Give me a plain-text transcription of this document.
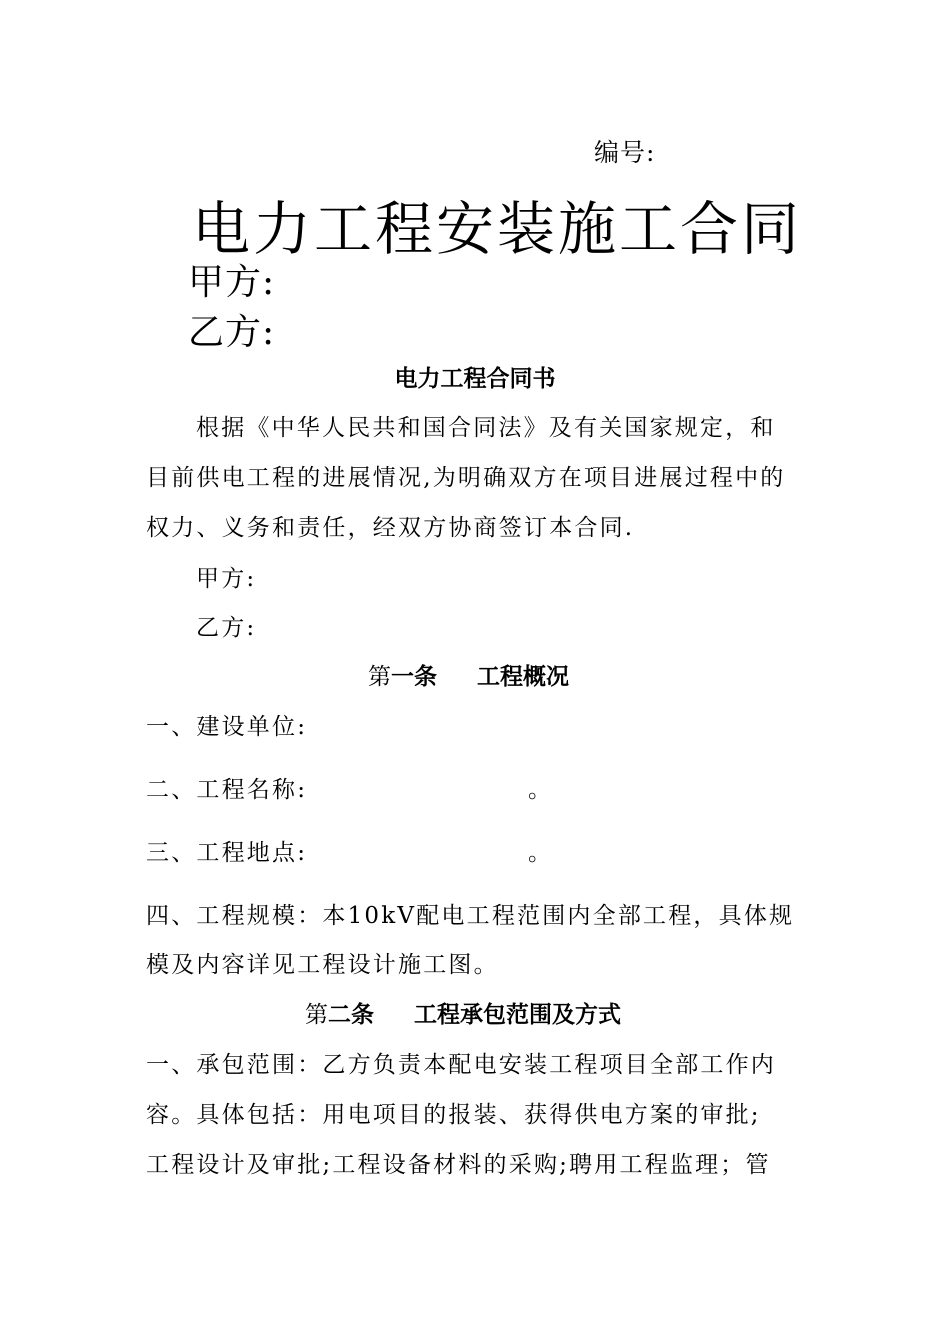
编号:
电力工程安装施工合同
甲方:
乙方:
电力工程合同书
根据《中华人民共和国合同法》及有关国家规定，和
目前供电工程的进展情况,为明确双方在项目进展过程中的
权力、义务和责任，经双方协商签订本合同.
甲方:
乙方:
第一条 工程概况
一、建设单位:
二、工程名称:	。
三、工程地点:	。
四、工程规模：本10kV配电工程范围内全部工程，具体规
模及内容详见工程设计施工图。
第二条 工程承包范围及方式
一、承包范围：乙方负责本配电安装工程项目全部工作内
容。具体包括：用电项目的报装、获得供电方案的审批;
工程设计及审批;工程设备材料的采购;聘用工程监理；管
